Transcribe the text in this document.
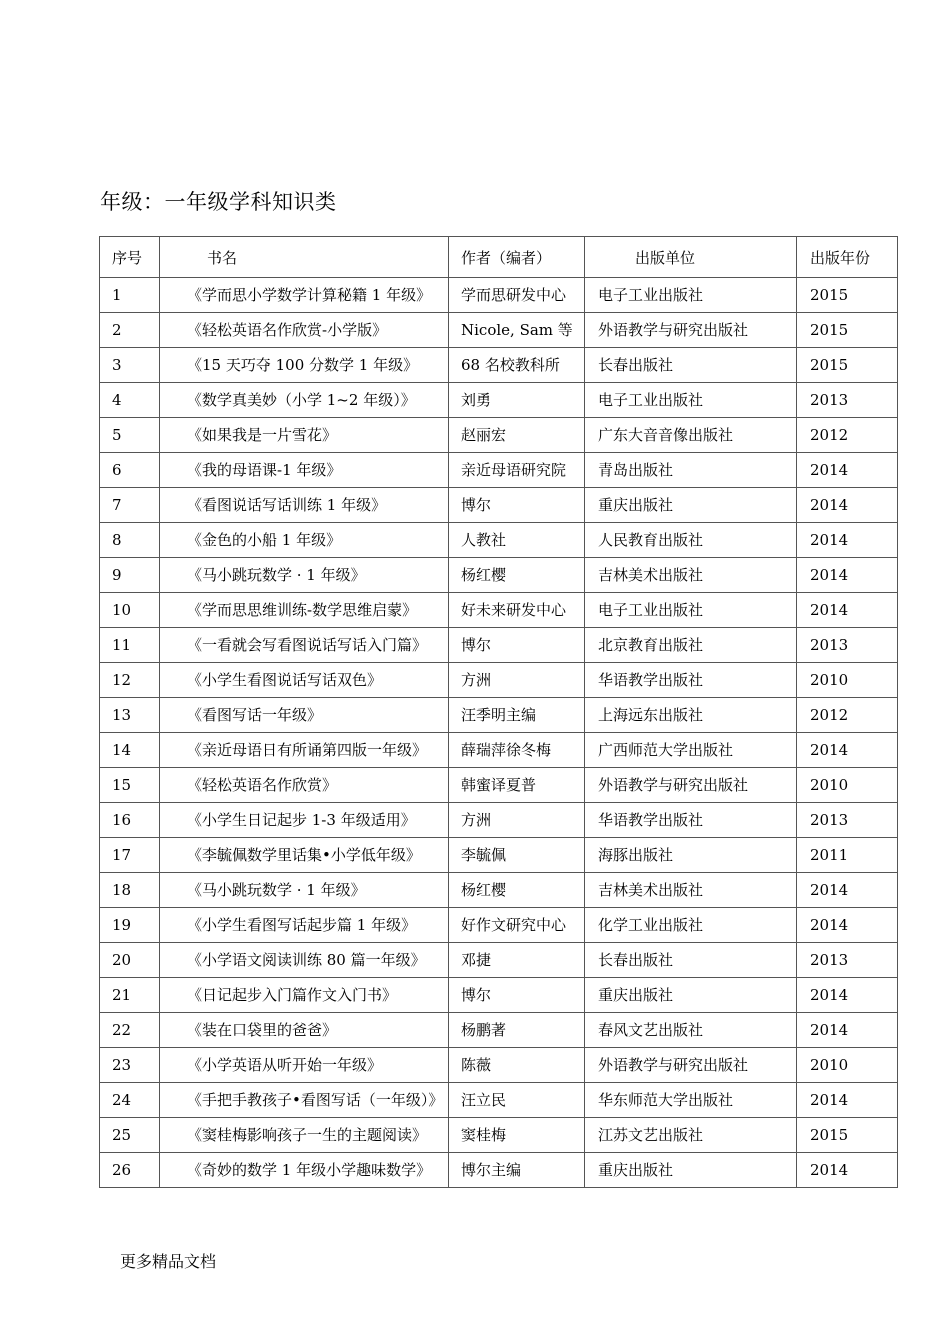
年级：一年级学科知识类
序号	书名	作者（编者）	出版单位	出版年份

1	《学而思小学数学计算秘籍 1 年级》	学而思研发中心	电子工业出版社	2015

2	《轻松英语名作欣赏-小学版》	Nicole, Sam 等	外语教学与研究出版社	2015

3	《15 天巧夺 100 分数学 1 年级》	68 名校教科所	长春出版社	2015

4	《数学真美妙（小学 1~2 年级）》	刘勇	电子工业出版社	2013

5	《如果我是一片雪花》	赵丽宏	广东大音音像出版社	2012

6	《我的母语课-1 年级》	亲近母语研究院	青岛出版社	2014

7	《看图说话写话训练 1 年级》	博尔	重庆出版社	2014

8	《金色的小船 1 年级》	人教社	人民教育出版社	2014

9	《马小跳玩数学 · 1 年级》	杨红樱	吉林美术出版社	2014

10	《学而思思维训练-数学思维启蒙》	好未来研发中心	电子工业出版社	2014

11	《一看就会写看图说话写话入门篇》	博尔	北京教育出版社	2013

12	《小学生看图说话写话双色》	方洲	华语教学出版社	2010

13	《看图写话一年级》	汪季明主编	上海远东出版社	2012

14	《亲近母语日有所诵第四版一年级》	薛瑞萍徐冬梅	广西师范大学出版社	2014

15	《轻松英语名作欣赏》	韩蜜译夏普	外语教学与研究出版社	2010

16	《小学生日记起步 1-3 年级适用》	方洲	华语教学出版社	2013

17	《李毓佩数学里话集•小学低年级》	李毓佩	海豚出版社	2011

18	《马小跳玩数学 · 1 年级》	杨红樱	吉林美术出版社	2014

19	《小学生看图写话起步篇 1 年级》	好作文研究中心	化学工业出版社	2014

20	《小学语文阅读训练 80 篇一年级》	邓捷	长春出版社	2013

21	《日记起步入门篇作文入门书》	博尔	重庆出版社	2014

22	《装在口袋里的爸爸》	杨鹏著	春风文艺出版社	2014

23	《小学英语从听开始一年级》	陈薇	外语教学与研究出版社	2010

24	《手把手教孩子•看图写话（一年级）》	汪立民	华东师范大学出版社	2014

25	《窦桂梅影响孩子一生的主题阅读》	窦桂梅	江苏文艺出版社	2015

26	《奇妙的数学 1 年级小学趣味数学》	博尔主编	重庆出版社	2014
更多精品文档
